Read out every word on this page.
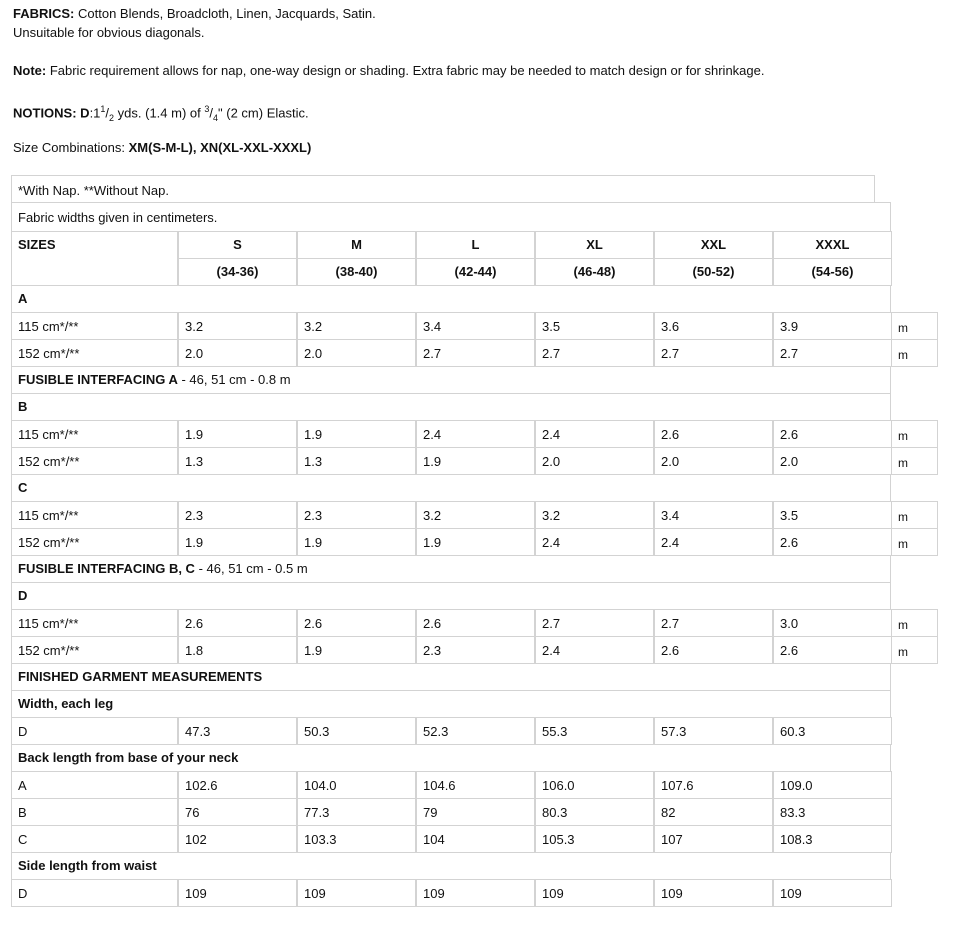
FABRICS: Cotton Blends, Broadcloth, Linen, Jacquards, Satin.
Unsuitable for obvious diagonals.
Note: Fabric requirement allows for nap, one-way design or shading. Extra fabric may be needed to match design or for shrinkage.
NOTIONS: $D:1^1/_2$ yds. (1.4 m) of $^3/_4$" (2 cm) Elastic.
Size Combinations: XM(S-M-L), XN(XL-XXL-XXXL)
*With Nap. **Without Nap.
Fabric widths given in centimeters.
SIZES	S	M	L	XL	XXL	XXXL
(34-36)	(38-40)	(42-44)	(46-48)	(50-52)	(54-56)
A
115 cm*/**	3.2	3.2	3.4	3.5	3.6	3.9	m
152 cm*/**	2.0	2.0	2.7	2.7	2.7	2.7	m
FUSIBLE INTERFACING A - 46, 51 cm - 0.8 m
B
115 cm*/**	1.9	1.9	2.4	2.4	2.6	2.6	m
152 cm*/**	1.3	1.3	1.9	2.0	2.0	2.0	m
C
115 cm*/**	2.3	2.3	3.2	3.2	3.4	3.5	m
152 cm*/**	1.9	1.9	1.9	2.4	2.4	2.6	m
FUSIBLE INTERFACING B, C - 46, 51 cm - 0.5 m
D
115 cm*/**	2.6	2.6	2.6	2.7	2.7	3.0	m
152 cm*/**	1.8	1.9	2.3	2.4	2.6	2.6	m
FINISHED GARMENT MEASUREMENTS
Width, each leg
D	47.3	50.3	52.3	55.3	57.3	60.3
Back length from base of your neck
A	102.6	104.0	104.6	106.0	107.6	109.0
B	76	77.3	79	80.3	82	83.3
C	102	103.3	104	105.3	107	108.3
Side length from waist
D	109	109	109	109	109	109
